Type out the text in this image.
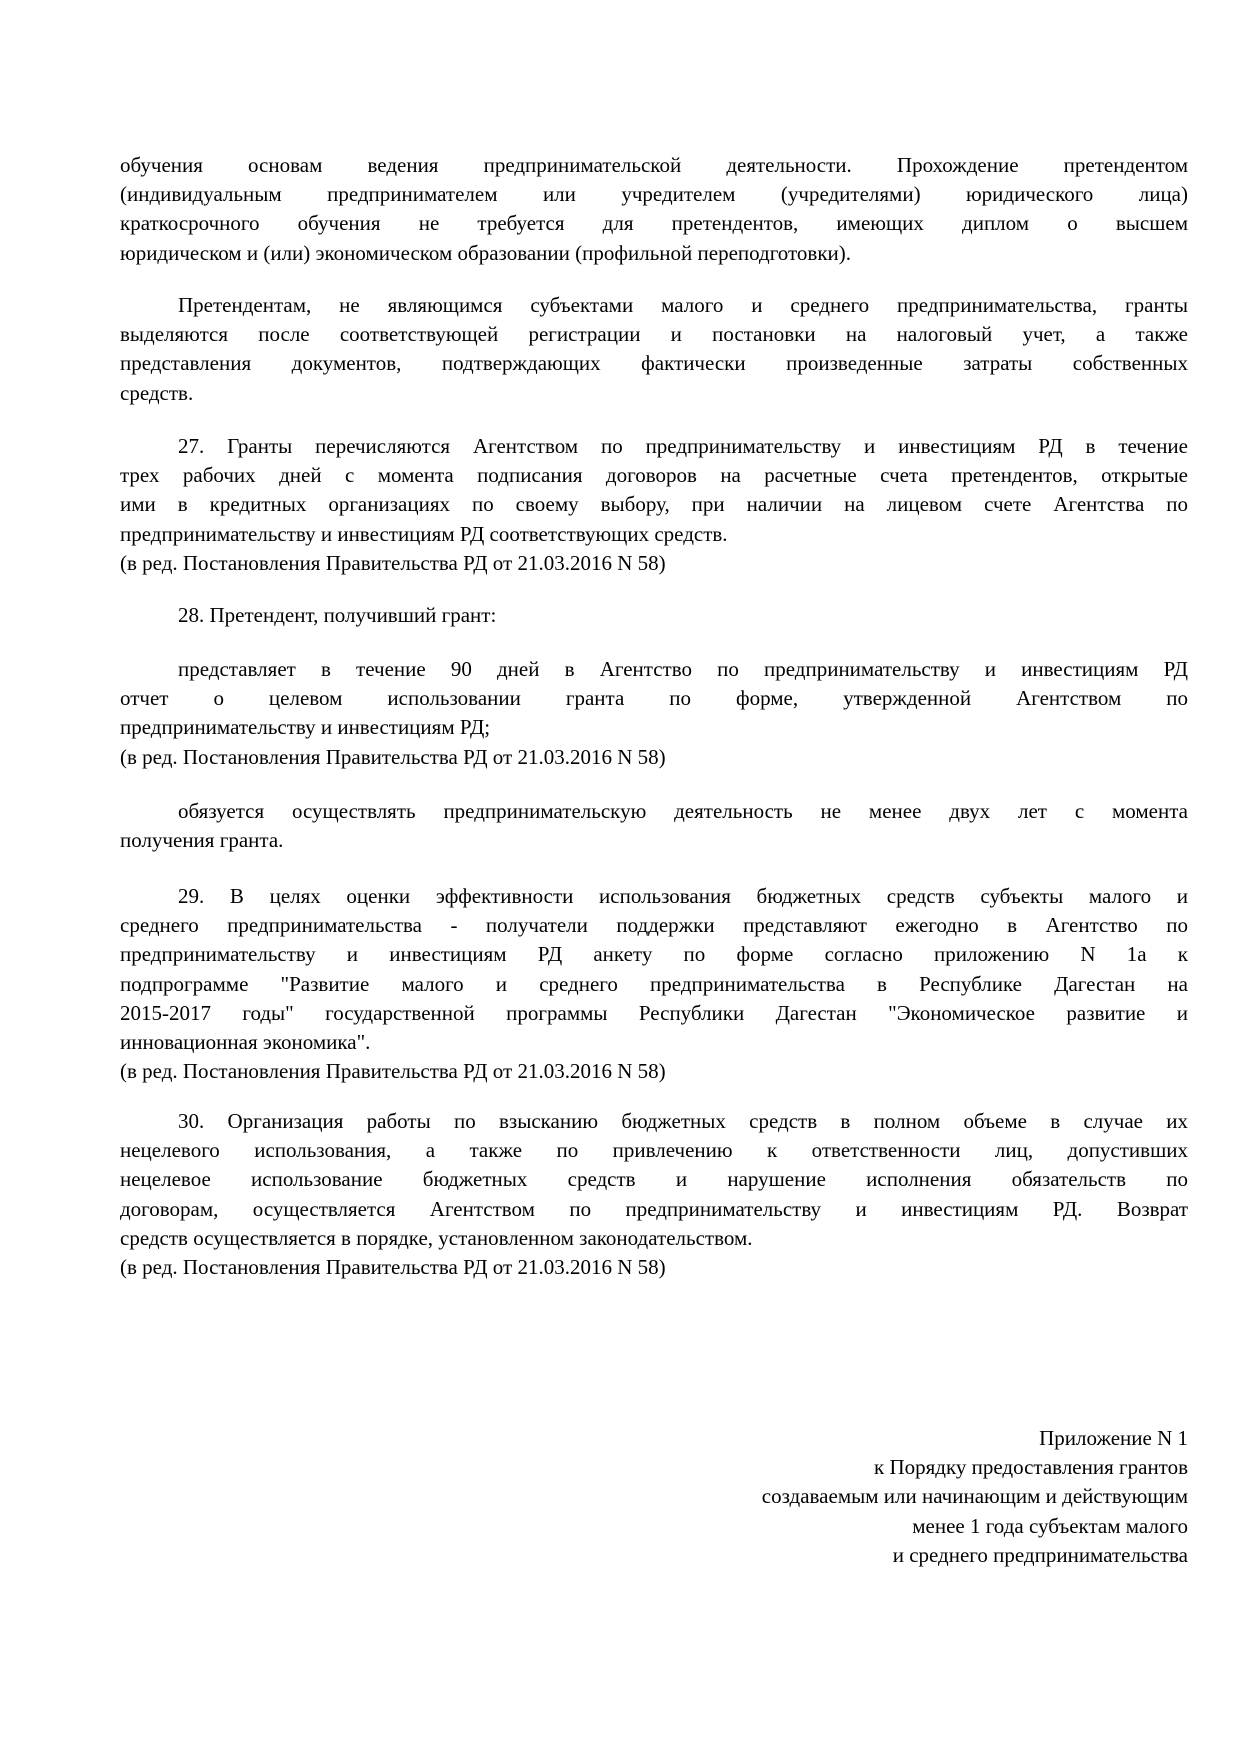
обучения основам ведения предпринимательской деятельности. Прохождение претендентом
(индивидуальным предпринимателем или учредителем (учредителями) юридического лица)
краткосрочного обучения не требуется для претендентов, имеющих диплом о высшем
юридическом и (или) экономическом образовании (профильной переподготовки).
Претендентам, не являющимся субъектами малого и среднего предпринимательства, гранты
выделяются после соответствующей регистрации и постановки на налоговый учет, а также
представления документов, подтверждающих фактически произведенные затраты собственных
средств.
27. Гранты перечисляются Агентством по предпринимательству и инвестициям РД в течение
трех рабочих дней с момента подписания договоров на расчетные счета претендентов, открытые
ими в кредитных организациях по своему выбору, при наличии на лицевом счете Агентства по
предпринимательству и инвестициям РД соответствующих средств.
(в ред. Постановления Правительства РД от 21.03.2016 N 58)
28. Претендент, получивший грант:
представляет в течение 90 дней в Агентство по предпринимательству и инвестициям РД
отчет о целевом использовании гранта по форме, утвержденной Агентством по
предпринимательству и инвестициям РД;
(в ред. Постановления Правительства РД от 21.03.2016 N 58)
обязуется осуществлять предпринимательскую деятельность не менее двух лет с момента
получения гранта.
29. В целях оценки эффективности использования бюджетных средств субъекты малого и
среднего предпринимательства - получатели поддержки представляют ежегодно в Агентство по
предпринимательству и инвестициям РД анкету по форме согласно приложению N 1а к
подпрограмме "Развитие малого и среднего предпринимательства в Республике Дагестан на
2015-2017 годы" государственной программы Республики Дагестан "Экономическое развитие и
инновационная экономика".
(в ред. Постановления Правительства РД от 21.03.2016 N 58)
30. Организация работы по взысканию бюджетных средств в полном объеме в случае их
нецелевого использования, а также по привлечению к ответственности лиц, допустивших
нецелевое использование бюджетных средств и нарушение исполнения обязательств по
договорам, осуществляется Агентством по предпринимательству и инвестициям РД. Возврат
средств осуществляется в порядке, установленном законодательством.
(в ред. Постановления Правительства РД от 21.03.2016 N 58)
Приложение N 1
к Порядку предоставления грантов
создаваемым или начинающим и действующим
менее 1 года субъектам малого
и среднего предпринимательства
